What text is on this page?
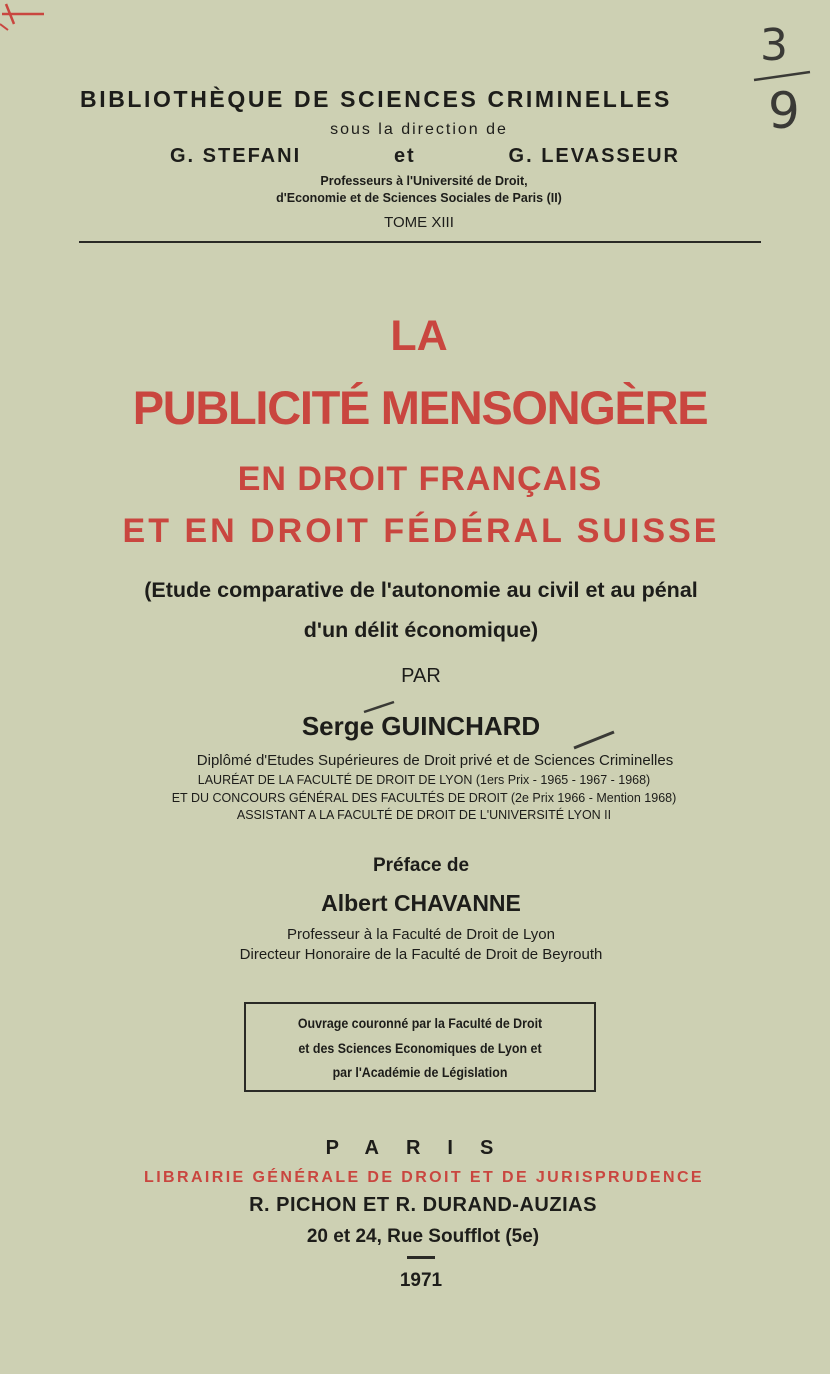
3
9
BIBLIOTHÈQUE DE SCIENCES CRIMINELLES
sous la direction de
G. STEFANI	et	G. LEVASSEUR
Professeurs à l'Université de Droit,
d'Economie et de Sciences Sociales de Paris (II)
TOME XIII
LA
PUBLICITÉ MENSONGÈRE
EN DROIT FRANÇAIS
ET EN DROIT FÉDÉRAL SUISSE
(Etude comparative de l'autonomie au civil et au pénal
d'un délit économique)
PAR
Serge GUINCHARD
Diplômé d'Etudes Supérieures de Droit privé et de Sciences Criminelles
LAURÉAT DE LA FACULTÉ DE DROIT DE LYON (1ers Prix - 1965 - 1967 - 1968)
ET DU CONCOURS GÉNÉRAL DES FACULTÉS DE DROIT (2e Prix 1966 - Mention 1968)
ASSISTANT A LA FACULTÉ DE DROIT DE L'UNIVERSITÉ LYON II
Préface de
Albert CHAVANNE
Professeur à la Faculté de Droit de Lyon
Directeur Honoraire de la Faculté de Droit de Beyrouth
Ouvrage couronné par la Faculté de Droit
et des Sciences Economiques de Lyon et
par l'Académie de Législation
PARIS
LIBRAIRIE GÉNÉRALE DE DROIT ET DE JURISPRUDENCE
R. PICHON ET R. DURAND-AUZIAS
20 et 24, Rue Soufflot (5e)
1971
